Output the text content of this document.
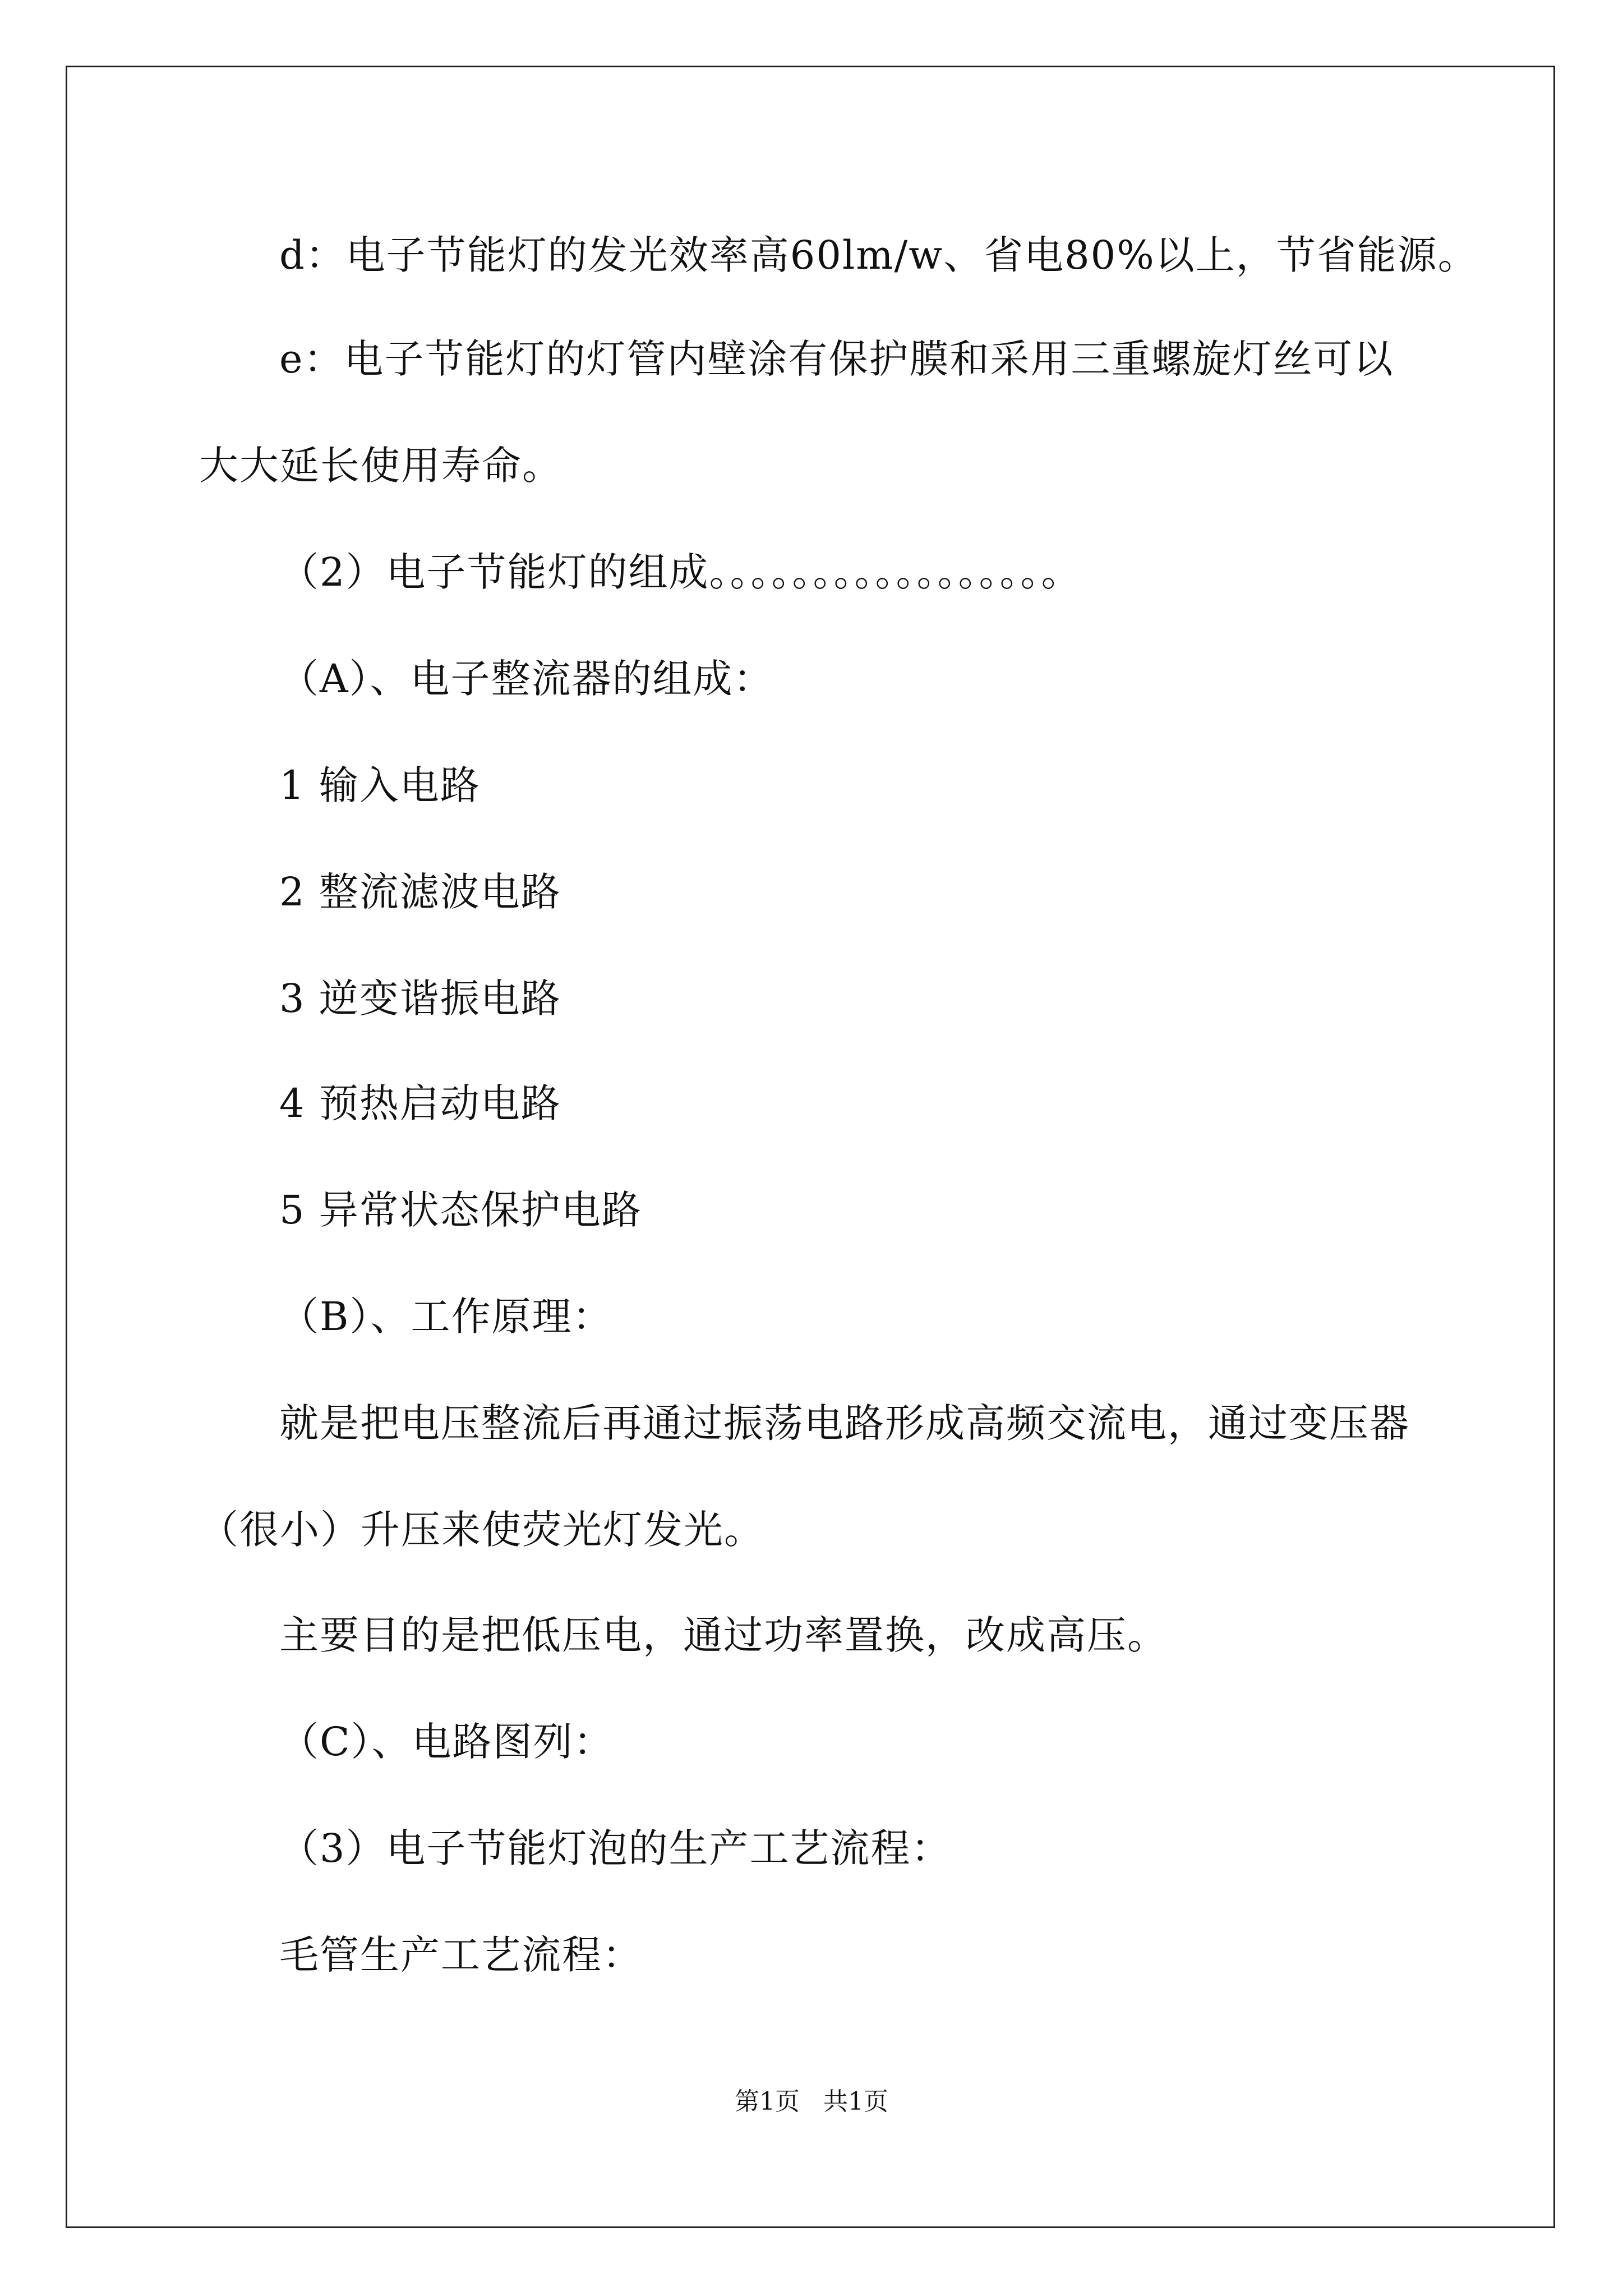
d：电子节能灯的发光效率高60lm/w、省电80%以上，节省能源。
e：电子节能灯的灯管内壁涂有保护膜和采用三重螺旋灯丝可以
大大延长使用寿命。
（2）电子节能灯的组成。。。。。。。。。。。。。。。。。
（A）、电子整流器的组成：
1 输入电路
2 整流滤波电路
3 逆变谐振电路
4 预热启动电路
5 异常状态保护电路
（B）、工作原理：
就是把电压整流后再通过振荡电路形成高频交流电，通过变压器
（很小）升压来使荧光灯发光。
主要目的是把低压电，通过功率置换，改成高压。
（C）、电路图列：
（3）电子节能灯泡的生产工艺流程：
毛管生产工艺流程：
第1页   共1页
